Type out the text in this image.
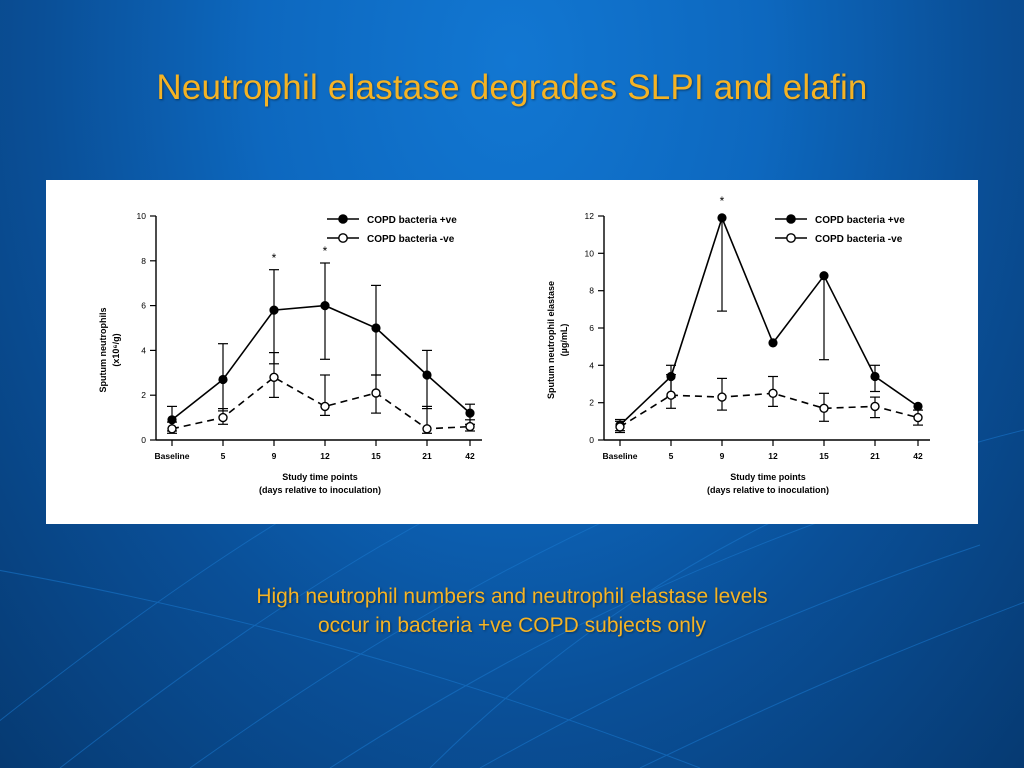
Neutrophil elastase degrades SLPI and elafin
0
2
4
6
8
10
Sputum neutrophils (x10⁶/g)
Baseline	5	9	12	15	21	42
Study time points
(days relative to inoculation)
*	*
COPD bacteria +ve
COPD bacteria -ve
0
2
4
6
8
10
12
Sputum neutrophil elastase (µg/mL)
Baseline	5	9	12	15	21	42
Study time points
(days relative to inoculation)
*
COPD bacteria +ve
COPD bacteria -ve
High neutrophil numbers and neutrophil elastase levels
occur in bacteria +ve COPD subjects only
